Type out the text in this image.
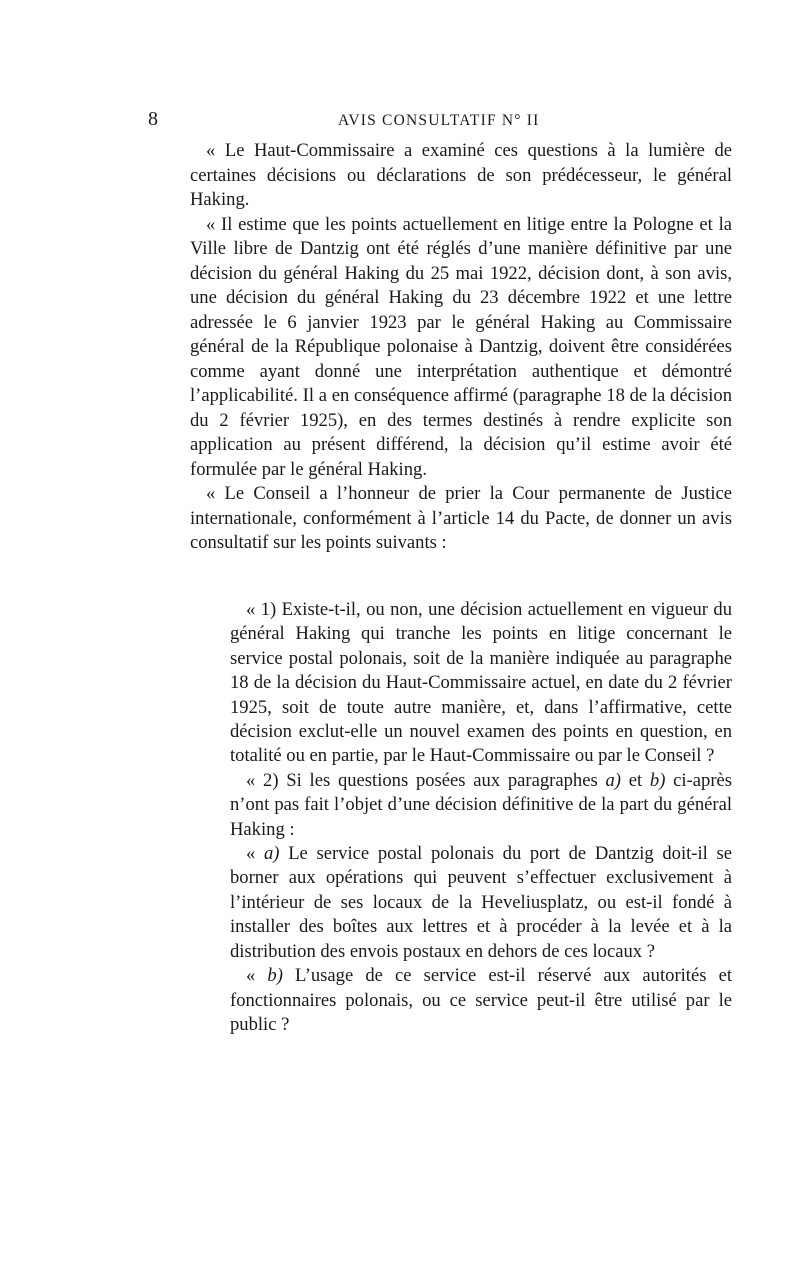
8	AVIS CONSULTATIF N° II

« Le Haut-Commissaire a examiné ces questions à la lumière de certaines décisions ou déclarations de son prédécesseur, le général Haking.

« Il estime que les points actuellement en litige entre la Pologne et la Ville libre de Dantzig ont été réglés d’une manière définitive par une décision du général Haking du 25 mai 1922, décision dont, à son avis, une décision du général Haking du 23 décembre 1922 et une lettre adressée le 6 janvier 1923 par le général Haking au Commissaire général de la République polonaise à Dantzig, doivent être considérées comme ayant donné une interprétation authentique et démontré l’applicabilité. Il a en conséquence affirmé (paragraphe 18 de la décision du 2 février 1925), en des termes destinés à rendre explicite son application au présent différend, la décision qu’il estime avoir été formulée par le général Haking.

« Le Conseil a l’honneur de prier la Cour permanente de Justice internationale, conformément à l’article 14 du Pacte, de donner un avis consultatif sur les points suivants :

« 1) Existe-t-il, ou non, une décision actuellement en vigueur du général Haking qui tranche les points en litige concernant le service postal polonais, soit de la manière indiquée au paragraphe 18 de la décision du Haut-Commissaire actuel, en date du 2 février 1925, soit de toute autre manière, et, dans l’affirmative, cette décision exclut-elle un nouvel examen des points en question, en totalité ou en partie, par le Haut-Commissaire ou par le Conseil ?

« 2) Si les questions posées aux paragraphes a) et b) ci-après n’ont pas fait l’objet d’une décision définitive de la part du général Haking :

« a) Le service postal polonais du port de Dantzig doit-il se borner aux opérations qui peuvent s’effectuer exclusivement à l’intérieur de ses locaux de la Heveliusplatz, ou est-il fondé à installer des boîtes aux lettres et à procéder à la levée et à la distribution des envois postaux en dehors de ces locaux ?

« b) L’usage de ce service est-il réservé aux autorités et fonctionnaires polonais, ou ce service peut-il être utilisé par le public ?
